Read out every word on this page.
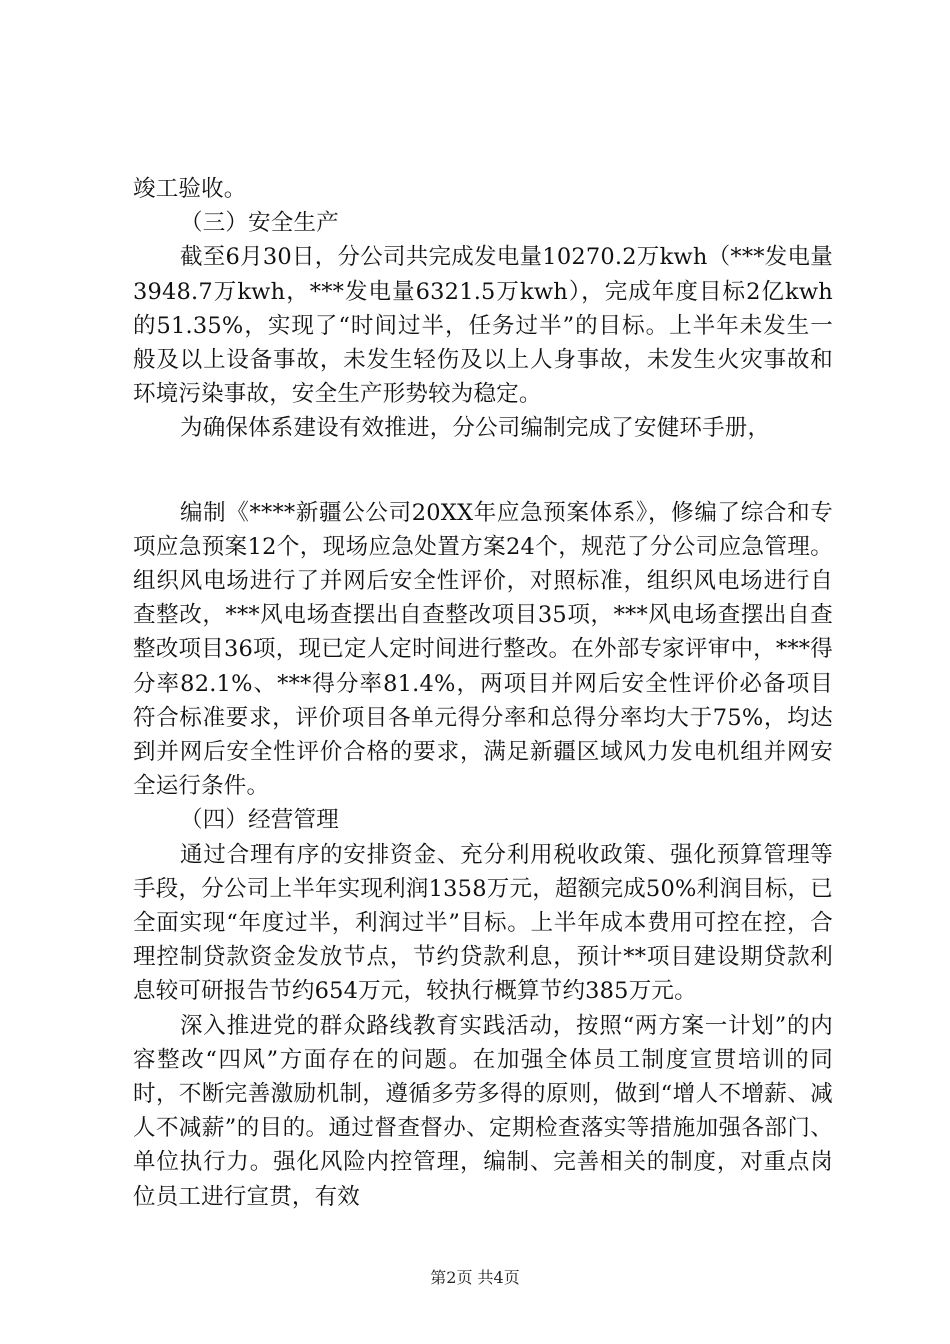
竣工验收。

（三）安全生产

截至6月30日，分公司共完成发电量10270.2万kwh（***发电量3948.7万kwh，***发电量6321.5万kwh），完成年度目标2亿kwh的51.35%，实现了“时间过半，任务过半”的目标。上半年未发生一般及以上设备事故，未发生轻伤及以上人身事故，未发生火灾事故和环境污染事故，安全生产形势较为稳定。

为确保体系建设有效推进，分公司编制完成了安健环手册，

编制《****新疆公公司20XX年应急预案体系》，修编了综合和专项应急预案12个，现场应急处置方案24个，规范了分公司应急管理。组织风电场进行了并网后安全性评价，对照标准，组织风电场进行自查整改，***风电场查摆出自查整改项目35项，***风电场查摆出自查整改项目36项，现已定人定时间进行整改。在外部专家评审中，***得分率82.1%、***得分率81.4%，两项目并网后安全性评价必备项目符合标准要求，评价项目各单元得分率和总得分率均大于75%，均达到并网后安全性评价合格的要求，满足新疆区域风力发电机组并网安全运行条件。

（四）经营管理

通过合理有序的安排资金、充分利用税收政策、强化预算管理等手段，分公司上半年实现利润1358万元，超额完成50%利润目标，已全面实现“年度过半，利润过半”目标。上半年成本费用可控在控，合理控制贷款资金发放节点，节约贷款利息，预计**项目建设期贷款利息较可研报告节约654万元，较执行概算节约385万元。

深入推进党的群众路线教育实践活动，按照“两方案一计划”的内容整改“四风”方面存在的问题。在加强全体员工制度宣贯培训的同时，不断完善激励机制，遵循多劳多得的原则，做到“增人不增薪、减人不减薪”的目的。通过督查督办、定期检查落实等措施加强各部门、单位执行力。强化风险内控管理，编制、完善相关的制度，对重点岗位员工进行宣贯，有效

第2页 共4页
